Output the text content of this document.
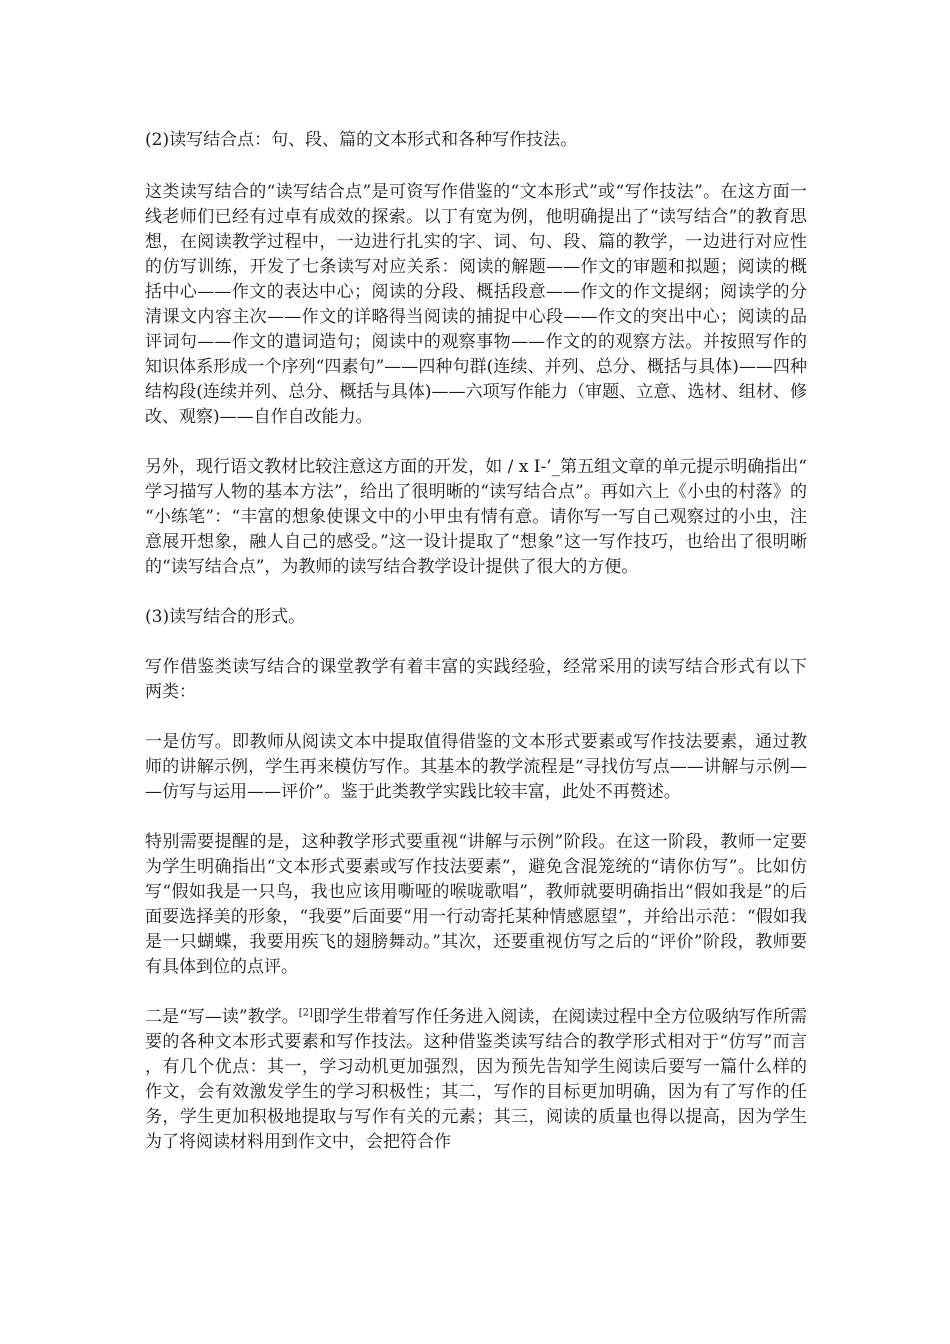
(2)读写结合点：句、段、篇的文本形式和各种写作技法。

这类读写结合的“读写结合点”是可资写作借鉴的“文本形式”或“写作技法”。在这方面一线老师们已经有过卓有成效的探索。以丁有宽为例，他明确提出了“读写结合”的教育思想，在阅读教学过程中，一边进行扎实的字、词、句、段、篇的教学，一边进行对应性的仿写训练，开发了七条读写对应关系：阅读的解题——作文的审题和拟题；阅读的概括中心——作文的表达中心；阅读的分段、概括段意——作文的作文提纲；阅读学的分清课文内容主次——作文的详略得当阅读的捕捉中心段——作文的突出中心；阅读的品评词句——作文的遣词造句；阅读中的观察事物——作文的的观察方法。并按照写作的知识体系形成一个序列“四素句”——四种句群(连续、并列、总分、概括与具体)——四种结构段(连续并列、总分、概括与具体)——六项写作能力（审题、立意、选材、组材、修改、观察)——自作自改能力。

另外，现行语文教材比较注意这方面的开发，如 / x I-’_第五组文章的单元提示明确指出“学习描写人物的基本方法”，给出了很明晰的“读写结合点”。再如六上《小虫的村落》的“小练笔”：“丰富的想象使课文中的小甲虫有情有意。请你写一写自己观察过的小虫，注意展开想象，融人自己的感受。”这一设计提取了“想象”这一写作技巧，也给出了很明晰的“读写结合点”，为教师的读写结合教学设计提供了很大的方便。

(3)读写结合的形式。

写作借鉴类读写结合的课堂教学有着丰富的实践经验，经常采用的读写结合形式有以下两类：

一是仿写。即教师从阅读文本中提取值得借鉴的文本形式要素或写作技法要素，通过教师的讲解示例，学生再来模仿写作。其基本的教学流程是“寻找仿写点——讲解与示例——仿写与运用——评价”。鉴于此类教学实践比较丰富，此处不再赘述。

特别需要提醒的是，这种教学形式要重视“讲解与示例”阶段。在这一阶段，教师一定要为学生明确指出“文本形式要素或写作技法要素”，避免含混笼统的“请你仿写”。比如仿写“假如我是一只鸟，我也应该用嘶哑的喉咙歌唱”，教师就要明确指出“假如我是”的后面要选择美的形象，“我要”后面要“用一行动寄托某种情感愿望”，并给出示范：“假如我是一只蝴蝶，我要用疾飞的翅膀舞动。”其次，还要重视仿写之后的“评价”阶段，教师要有具体到位的点评。

二是“写—读”教学。[2]即学生带着写作任务进入阅读，在阅读过程中全方位吸纳写作所需要的各种文本形式要素和写作技法。这种借鉴类读写结合的教学形式相对于“仿写”而言，有几个优点：其一，学习动机更加强烈，因为预先告知学生阅读后要写一篇什么样的作文，会有效激发学生的学习积极性；其二，写作的目标更加明确，因为有了写作的任务，学生更加积极地提取与写作有关的元素；其三，阅读的质量也得以提高，因为学生为了将阅读材料用到作文中，会把符合作
